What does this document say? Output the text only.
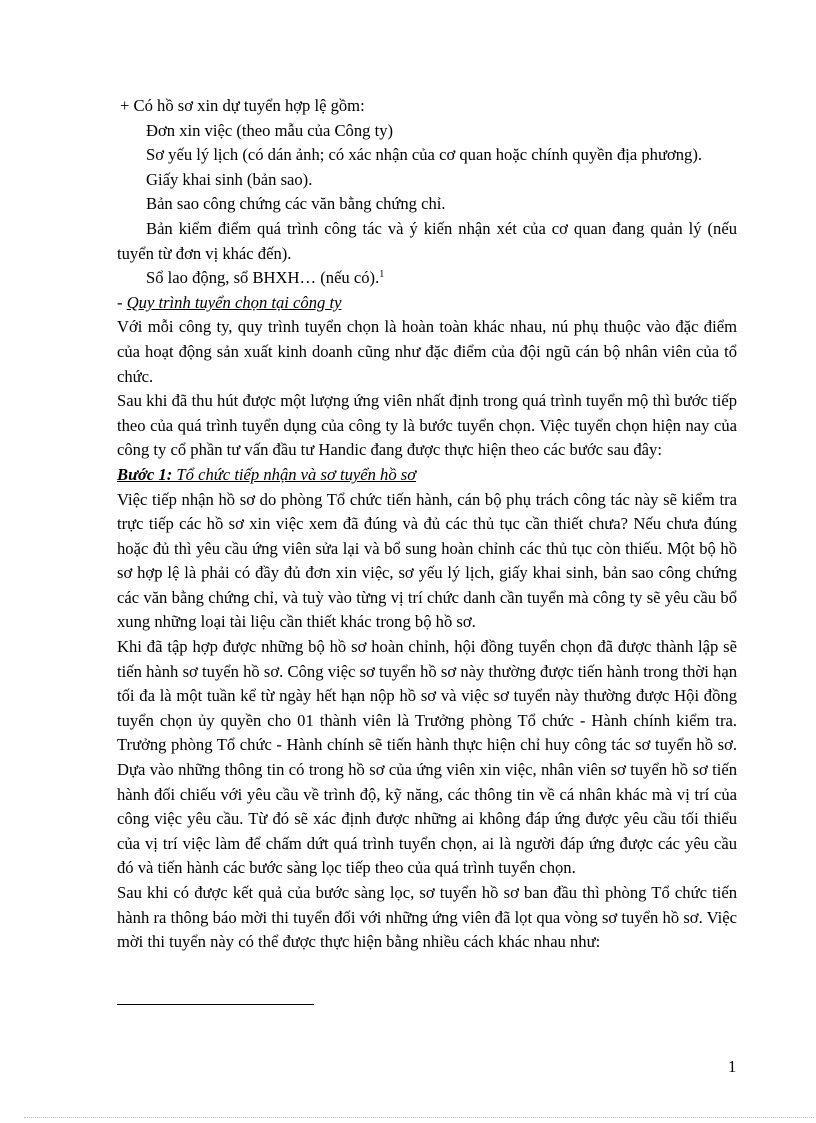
+ Có hồ sơ xin dự tuyển hợp lệ gồm:

Đơn xin việc (theo mẫu của Công ty)

Sơ yếu lý lịch (có dán ảnh; có xác nhận của cơ quan hoặc chính quyền địa phương).

Giấy khai sinh (bản sao).

Bản sao công chứng các văn bằng chứng chỉ.

Bản kiểm điểm quá trình công tác và ý kiến nhận xét của cơ quan đang quản lý (nếu tuyển từ đơn vị khác đến).

Sổ lao động, sổ BHXH… (nếu có).$^1$

- Quy trình tuyển chọn tại công ty

Với mỗi công ty, quy trình tuyển chọn là hoàn toàn khác nhau, nú phụ thuộc vào đặc điểm của hoạt động sản xuất kinh doanh cũng như đặc điểm của đội ngũ cán bộ nhân viên của tổ chức.

Sau khi đã thu hút được một lượng ứng viên nhất định trong quá trình tuyển mộ thì bước tiếp theo của quá trình tuyển dụng của công ty là bước tuyển chọn. Việc tuyển chọn hiện nay của công ty cổ phần tư vấn đầu tư Handic đang được thực hiện theo các bước sau đây:

Bước 1: Tổ chức tiếp nhận và sơ tuyển hồ sơ

Việc tiếp nhận hồ sơ do phòng Tổ chức tiến hành, cán bộ phụ trách công tác này sẽ kiểm tra trực tiếp các hồ sơ xin việc xem đã đúng và đủ các thủ tục cần thiết chưa? Nếu chưa đúng hoặc đủ thì yêu cầu ứng viên sửa lại và bổ sung hoàn chỉnh các thủ tục còn thiếu. Một bộ hồ sơ hợp lệ là phải có đầy đủ đơn xin việc, sơ yếu lý lịch, giấy khai sinh, bản sao công chứng các văn bằng chứng chỉ, và tuỳ vào từng vị trí chức danh cần tuyển mà công ty sẽ yêu cầu bổ xung những loại tài liệu cần thiết khác trong bộ hồ sơ.

Khi đã tập hợp được những bộ hồ sơ hoàn chỉnh, hội đồng tuyển chọn đã được thành lập sẽ tiến hành sơ tuyển hồ sơ. Công việc sơ tuyển hồ sơ này thường được tiến hành trong thời hạn tối đa là một tuần kể từ ngày hết hạn nộp hồ sơ và việc sơ tuyển này thường được Hội đồng tuyển chọn ủy quyền cho 01 thành viên là Trưởng phòng Tổ chức - Hành chính kiểm tra. Trưởng phòng Tổ chức - Hành chính sẽ tiến hành thực hiện chỉ huy công tác sơ tuyển hồ sơ. Dựa vào những thông tin có trong hồ sơ của ứng viên xin việc, nhân viên sơ tuyển hồ sơ tiến hành đối chiếu với yêu cầu về trình độ, kỹ năng, các thông tin về cá nhân khác mà vị trí của công việc yêu cầu. Từ đó sẽ xác định được những ai không đáp ứng được yêu cầu tối thiểu của vị trí việc làm để chấm dứt quá trình tuyển chọn, ai là người đáp ứng được các yêu cầu đó và tiến hành các bước sàng lọc tiếp theo của quá trình tuyển chọn.

Sau khi có được kết quả của bước sàng lọc, sơ tuyển hồ sơ ban đầu thì phòng Tổ chức tiến hành ra thông báo mời thi tuyển đối với những ứng viên đã lọt qua vòng sơ tuyển hồ sơ. Việc mời thi tuyển này có thể được thực hiện bằng nhiều cách khác nhau như:

1
